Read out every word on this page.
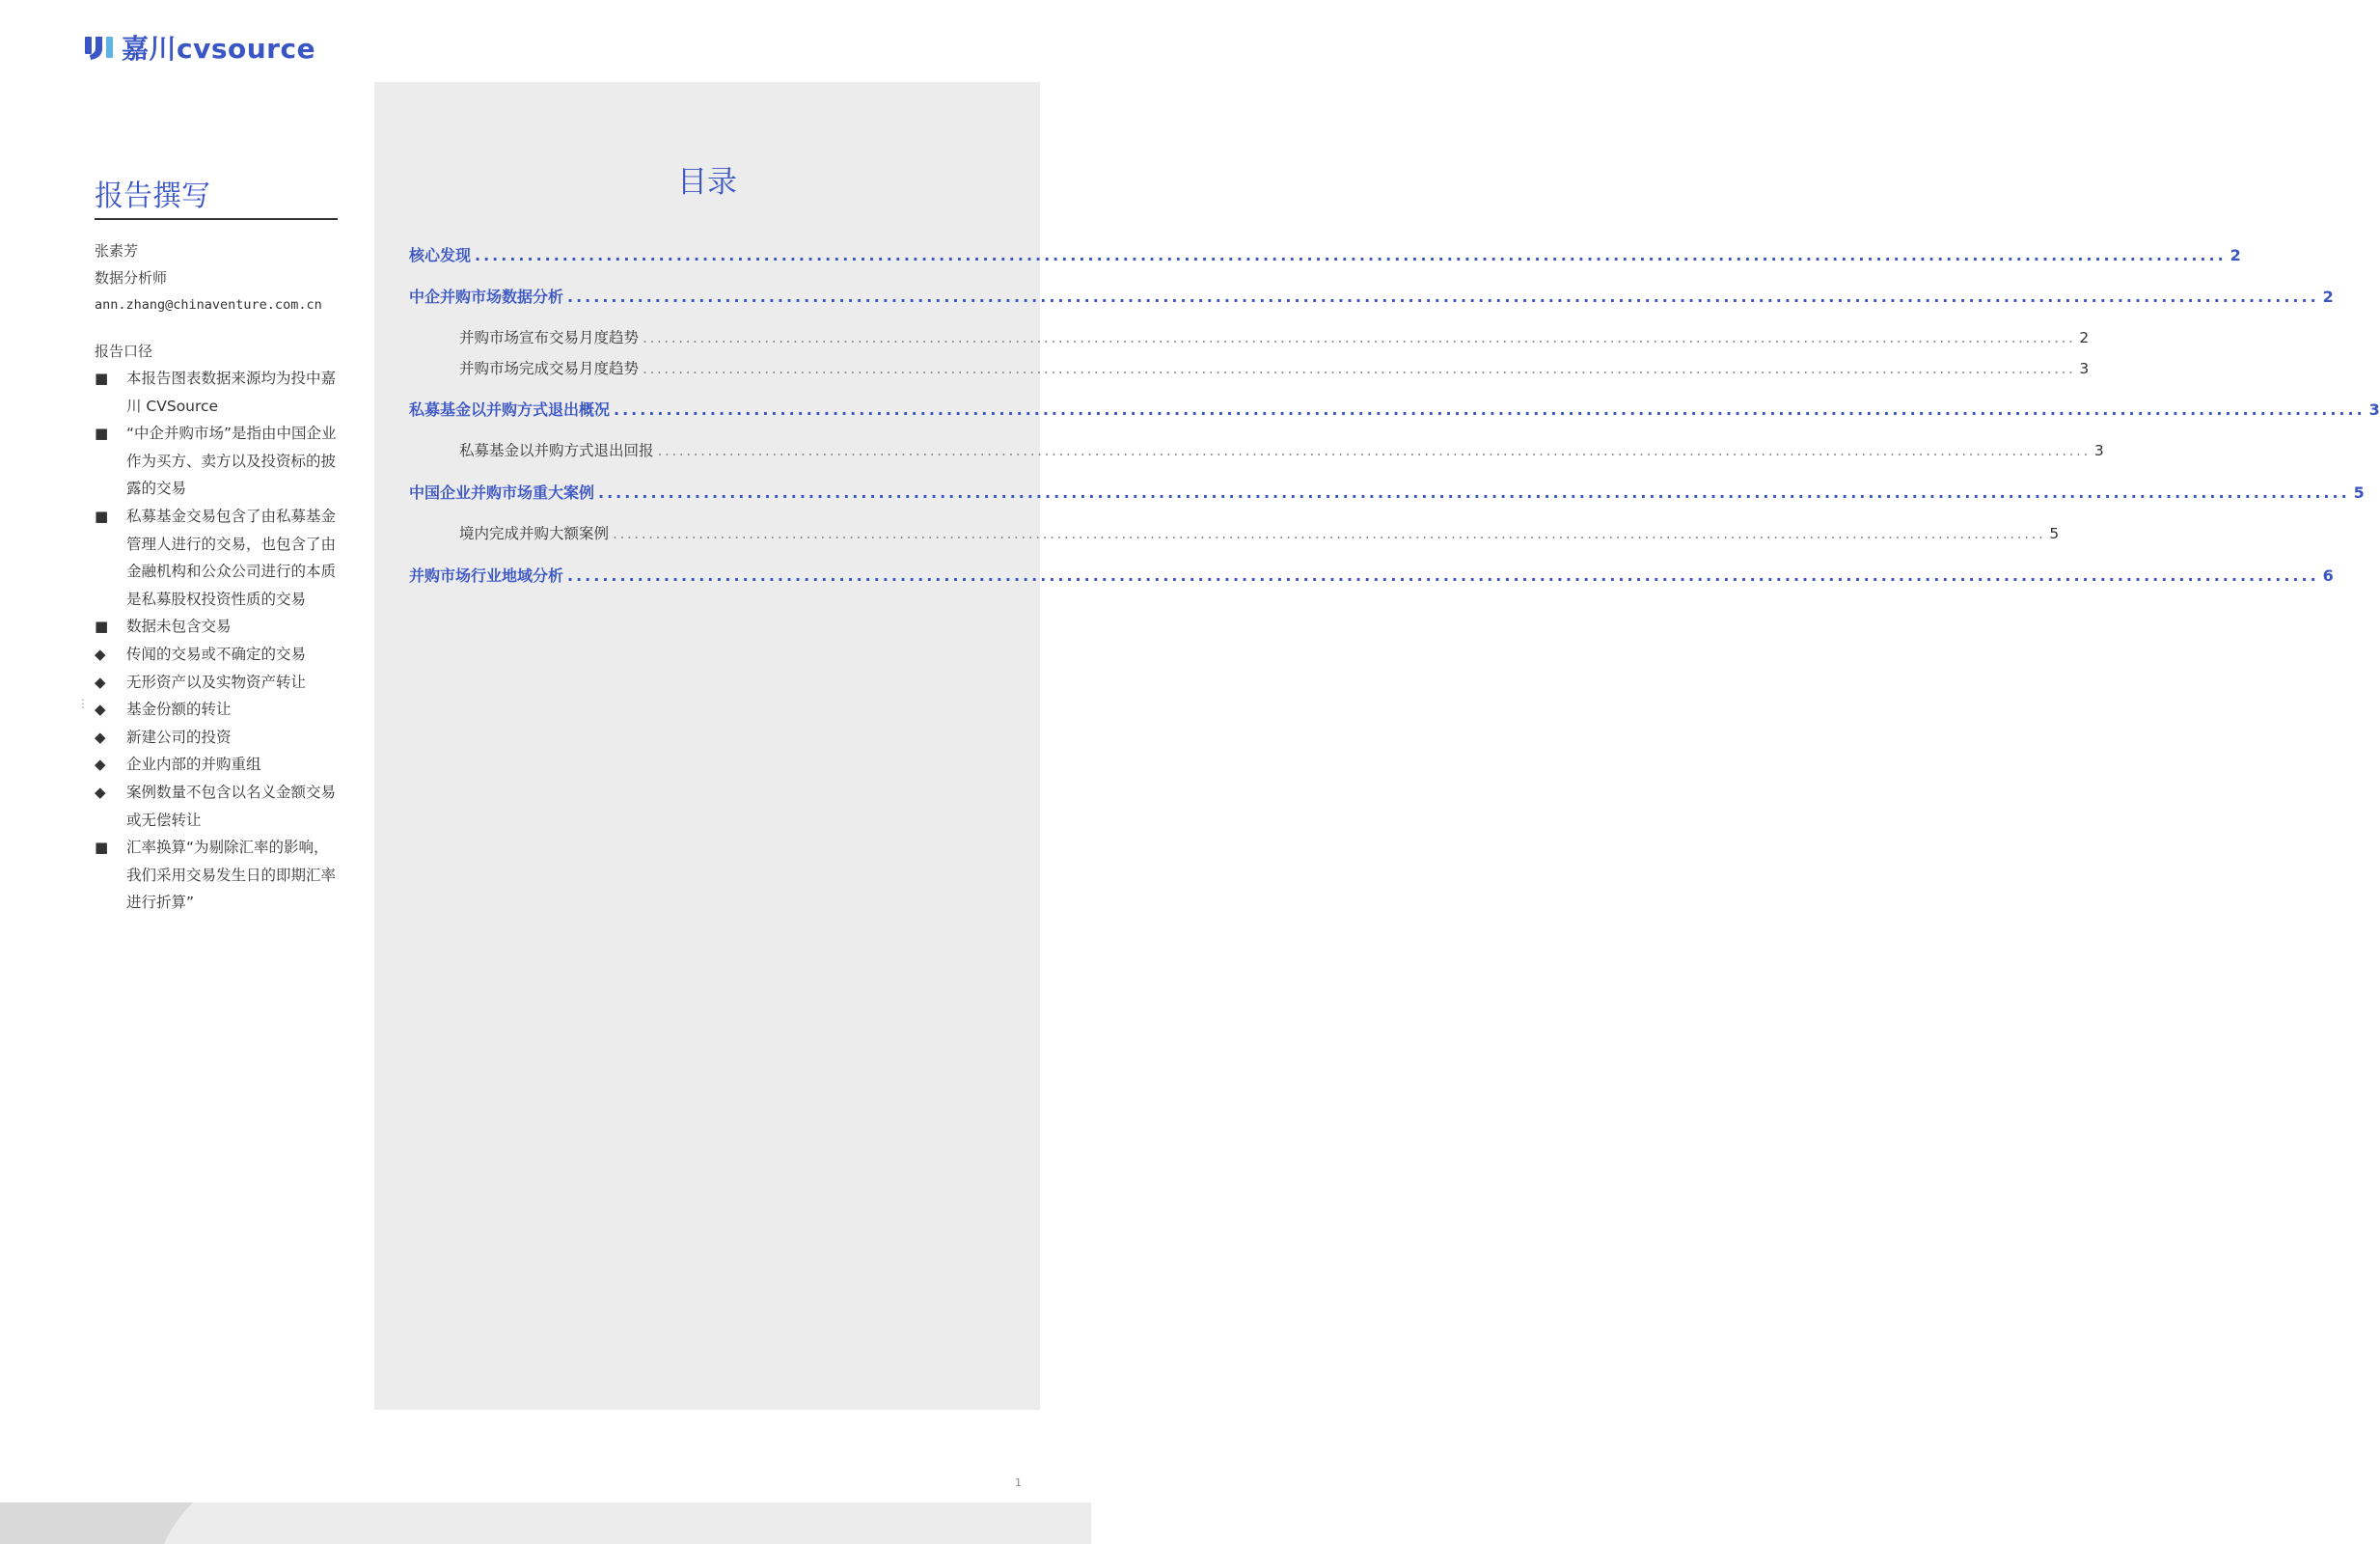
嘉川cvsource
报告撰写
张素芳
数据分析师
ann.zhang@chinaventure.com.cn
报告口径
■	本报告图表数据来源均为投中嘉川 CVSource
■	“中企并购市场”是指由中国企业作为买方、卖方以及投资标的披露的交易
■	私募基金交易包含了由私募基金管理人进行的交易，也包含了由金融机构和公众公司进行的本质是私募股权投资性质的交易
■	数据未包含交易
◆	传闻的交易或不确定的交易
◆	无形资产以及实物资产转让
◆	基金份额的转让
◆	新建公司的投资
◆	企业内部的并购重组
◆	案例数量不包含以名义金额交易或无偿转让
■	汇率换算“为剔除汇率的影响，我们采用交易发生日的即期汇率进行折算”
⋮
目录
核心发现 ........................................................................................................................................................................................................ 2
中企并购市场数据分析 ........................................................................................................................................................................................................ 2
并购市场宣布交易月度趋势 ........................................................................................................................................................................................................ 2
并购市场完成交易月度趋势 ........................................................................................................................................................................................................ 3
私募基金以并购方式退出概况 ........................................................................................................................................................................................................ 3
私募基金以并购方式退出回报 ........................................................................................................................................................................................................ 3
中国企业并购市场重大案例 ........................................................................................................................................................................................................ 5
境内完成并购大额案例 ........................................................................................................................................................................................................ 5
并购市场行业地域分析 ........................................................................................................................................................................................................ 6
1
